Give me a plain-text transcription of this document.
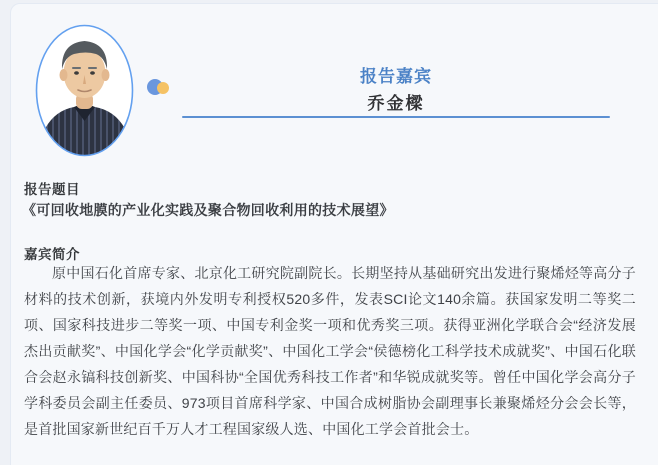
报告嘉宾
乔金樑
报告题目
《可回收地膜的产业化实践及聚合物回收利用的技术展望》
嘉宾简介
原中国石化首席专家、北京化工研究院副院长。长期坚持从基础研究出发进行聚烯烃等高分子材料的技术创新，获境内外发明专利授权520多件，发表SCI论文140余篇。获国家发明二等奖二项、国家科技进步二等奖一项、中国专利金奖一项和优秀奖三项。获得亚洲化学联合会“经济发展杰出贡献奖”、中国化学会“化学贡献奖”、中国化工学会“侯德榜化工科学技术成就奖”、中国石化联合会赵永镐科技创新奖、中国科协“全国优秀科技工作者”和华锐成就奖等。曾任中国化学会高分子学科委员会副主任委员、973项目首席科学家、中国合成树脂协会副理事长兼聚烯烃分会会长等，是首批国家新世纪百千万人才工程国家级人选、中国化工学会首批会士。
